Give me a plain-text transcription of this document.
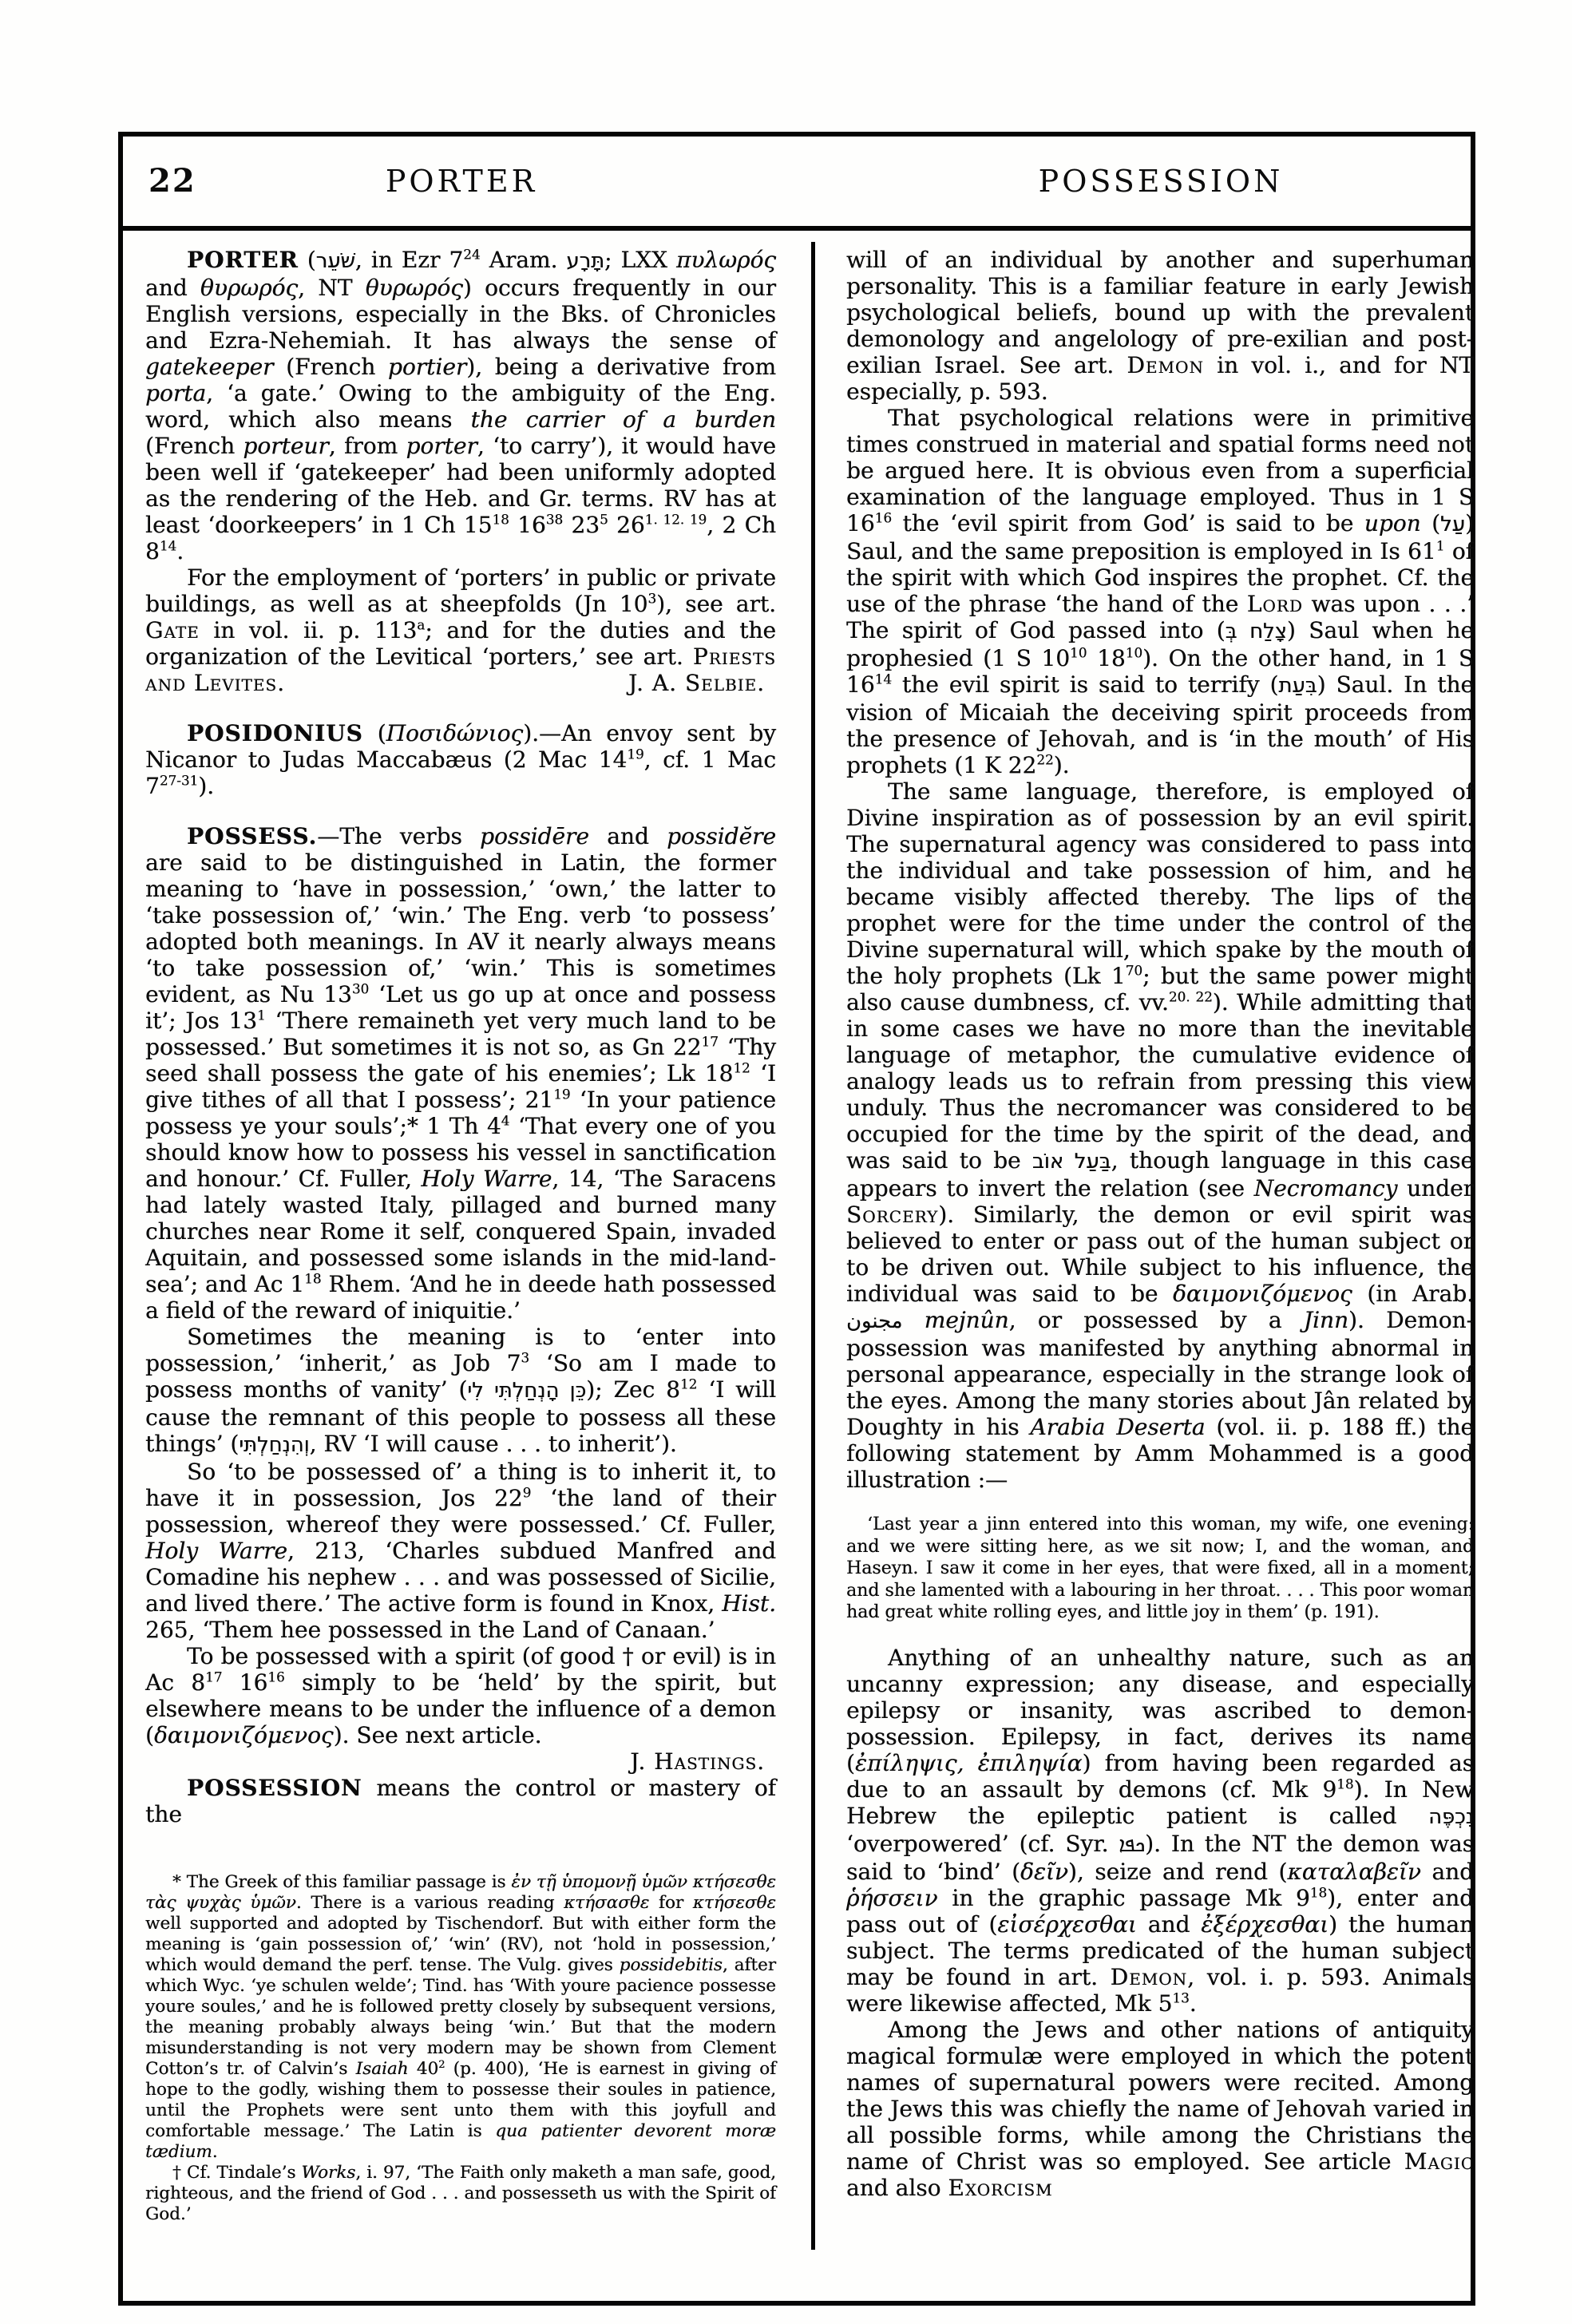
22	PORTER	POSSESSION
PORTER (שֹׁעֵר, in Ezr $7^{24}$ Aram. תָּרָע; LXX πυλωρός and θυρωρός, NT θυρωρός) occurs frequently in our English versions, especially in the Bks. of Chronicles and Ezra-Nehemiah. It has always the sense of gatekeeper (French portier), being a derivative from porta, ‘a gate.’ Owing to the ambiguity of the Eng. word, which also means the carrier of a burden (French porteur, from porter, ‘to carry’), it would have been well if ‘gatekeeper’ had been uniformly adopted as the rendering of the Heb. and Gr. terms. RV has at least ‘doorkeepers’ in 1 Ch $15^{18}$ $16^{38}$ $23^5$ $26^{1. 12. 19}$, 2 Ch $8^{14}$.
For the employment of ‘porters’ in public or private buildings, as well as at sheepfolds (Jn $10^3$), see art. Gate in vol. ii. p. 113$^a$; and for the duties and the organization of the Levitical ‘porters,’ see art. Priests and Levites.	J. A. Selbie.
POSIDONIUS (Ποσιδώνιος).—An envoy sent by Nicanor to Judas Maccabæus (2 Mac $14^{19}$, cf. 1 Mac 7$^{27-31}$).
POSSESS.—The verbs possidēre and possidĕre are said to be distinguished in Latin, the former meaning to ‘have in possession,’ ‘own,’ the latter to ‘take possession of,’ ‘win.’ The Eng. verb ‘to possess’ adopted both meanings. In AV it nearly always means ‘to take possession of,’ ‘win.’ This is sometimes evident, as Nu $13^{30}$ ‘Let us go up at once and possess it’; Jos $13^1$ ‘There remaineth yet very much land to be possessed.’ But sometimes it is not so, as Gn $22^{17}$ ‘Thy seed shall possess the gate of his enemies’; Lk $18^{12}$ ‘I give tithes of all that I possess’; $21^{19}$ ‘In your patience possess ye your souls’;* 1 Th $4^4$ ‘That every one of you should know how to possess his vessel in sanctification and honour.’ Cf. Fuller, Holy Warre, 14, ‘The Saracens had lately wasted Italy, pillaged and burned many churches near Rome it self, conquered Spain, invaded Aquitain, and possessed some islands in the mid-land-sea’; and Ac $1^{18}$ Rhem. ‘And he in deede hath possessed a field of the reward of iniquitie.’
Sometimes the meaning is to ‘enter into possession,’ ‘inherit,’ as Job $7^3$ ‘So am I made to possess months of vanity’ (כֵּן הָנְחַלְתִּי לִי); Zec $8^{12}$ ‘I will cause the remnant of this people to possess all these things’ (וְהִנְחַלְתִּי, RV ‘I will cause . . . to inherit’).
So ‘to be possessed of’ a thing is to inherit it, to have it in possession, Jos $22^9$ ‘the land of their possession, whereof they were possessed.’ Cf. Fuller, Holy Warre, 213, ‘Charles subdued Manfred and Comadine his nephew . . . and was possessed of Sicilie, and lived there.’ The active form is found in Knox, Hist. 265, ‘Them hee possessed in the Land of Canaan.’
To be possessed with a spirit (of good † or evil) is in Ac $8^{17}$ $16^{16}$ simply to be ‘held’ by the spirit, but elsewhere means to be under the influence of a demon (δαιμονιζόμενος). See next article.
J. Hastings.
POSSESSION means the control or mastery of the
* The Greek of this familiar passage is ἐν τῇ ὑπομονῇ ὑμῶν κτήσεσθε τὰς ψυχὰς ὑμῶν. There is a various reading κτήσασθε for κτήσεσθε well supported and adopted by Tischendorf. But with either form the meaning is ‘gain possession of,’ ‘win’ (RV), not ‘hold in possession,’ which would demand the perf. tense. The Vulg. gives possidebitis, after which Wyc. ‘ye schulen welde’; Tind. has ‘With youre pacience possesse youre soules,’ and he is followed pretty closely by subsequent versions, the meaning probably always being ‘win.’ But that the modern misunderstanding is not very modern may be shown from Clement Cotton’s tr. of Calvin’s Isaiah $40^2$ (p. 400), ‘He is earnest in giving of hope to the godly, wishing them to possesse their soules in patience, until the Prophets were sent unto them with this joyfull and comfortable message.’ The Latin is qua patienter devorent moræ tædium.
† Cf. Tindale’s Works, i. 97, ‘The Faith only maketh a man safe, good, righteous, and the friend of God . . . and possesseth us with the Spirit of God.’
will of an individual by another and superhuman personality. This is a familiar feature in early Jewish psychological beliefs, bound up with the prevalent demonology and angelology of pre-exilian and post-exilian Israel. See art. Demon in vol. i., and for NT especially, p. 593.
That psychological relations were in primitive times construed in material and spatial forms need not be argued here. It is obvious even from a superficial examination of the language employed. Thus in 1 S $16^{16}$ the ‘evil spirit from God’ is said to be upon (עַל) Saul, and the same preposition is employed in Is $61^1$ of the spirit with which God inspires the prophet. Cf. the use of the phrase ‘the hand of the Lord was upon . . .’ The spirit of God passed into (צָלַח בְּ) Saul when he prophesied (1 S $10^{10}$ $18^{10}$). On the other hand, in 1 S $16^{14}$ the evil spirit is said to terrify (בִּעַת) Saul. In the vision of Micaiah the deceiving spirit proceeds from the presence of Jehovah, and is ‘in the mouth’ of His prophets (1 K $22^{22}$).
The same language, therefore, is employed of Divine inspiration as of possession by an evil spirit. The supernatural agency was considered to pass into the individual and take possession of him, and he became visibly affected thereby. The lips of the prophet were for the time under the control of the Divine supernatural will, which spake by the mouth of the holy prophets (Lk $1^{70}$; but the same power might also cause dumbness, cf. vv.$^{20. 22}$). While admitting that in some cases we have no more than the inevitable language of metaphor, the cumulative evidence of analogy leads us to refrain from pressing this view unduly. Thus the necromancer was considered to be occupied for the time by the spirit of the dead, and was said to be בַּעַל אוֹב, though language in this case appears to invert the relation (see Necromancy under Sorcery). Similarly, the demon or evil spirit was believed to enter or pass out of the human subject or to be driven out. While subject to his influence, the individual was said to be δαιμονιζόμενος (in Arab. مجنون mejnûn, or possessed by a Jinn). Demon-possession was manifested by anything abnormal in personal appearance, especially in the strange look of the eyes. Among the many stories about Jân related by Doughty in his Arabia Deserta (vol. ii. p. 188 ff.) the following statement by Amm Mohammed is a good illustration :—
‘Last year a jinn entered into this woman, my wife, one evening: and we were sitting here, as we sit now; I, and the woman, and Haseyn. I saw it come in her eyes, that were fixed, all in a moment; and she lamented with a labouring in her throat. . . . This poor woman had great white rolling eyes, and little joy in them’ (p. 191).
Anything of an unhealthy nature, such as an uncanny expression; any disease, and especially epilepsy or insanity, was ascribed to demon-possession. Epilepsy, in fact, derives its name (ἐπίληψις, ἐπιληψία) from having been regarded as due to an assault by demons (cf. Mk $9^{18}$). In New Hebrew the epileptic patient is called נִכְפֶּה ‘overpowered’ (cf. Syr. ܟܦܐ). In the NT the demon was said to ‘bind’ (δεῖν), seize and rend (καταλαβεῖν and ῥήσσειν in the graphic passage Mk $9^{18}$), enter and pass out of (εἰσέρχεσθαι and ἐξέρχεσθαι) the human subject. The terms predicated of the human subject may be found in art. Demon, vol. i. p. 593. Animals were likewise affected, Mk $5^{13}$.
Among the Jews and other nations of antiquity magical formulæ were employed in which the potent names of supernatural powers were recited. Among the Jews this was chiefly the name of Jehovah varied in all possible forms, while among the Christians the name of Christ was so employed. See article Magic and also Exorcism
